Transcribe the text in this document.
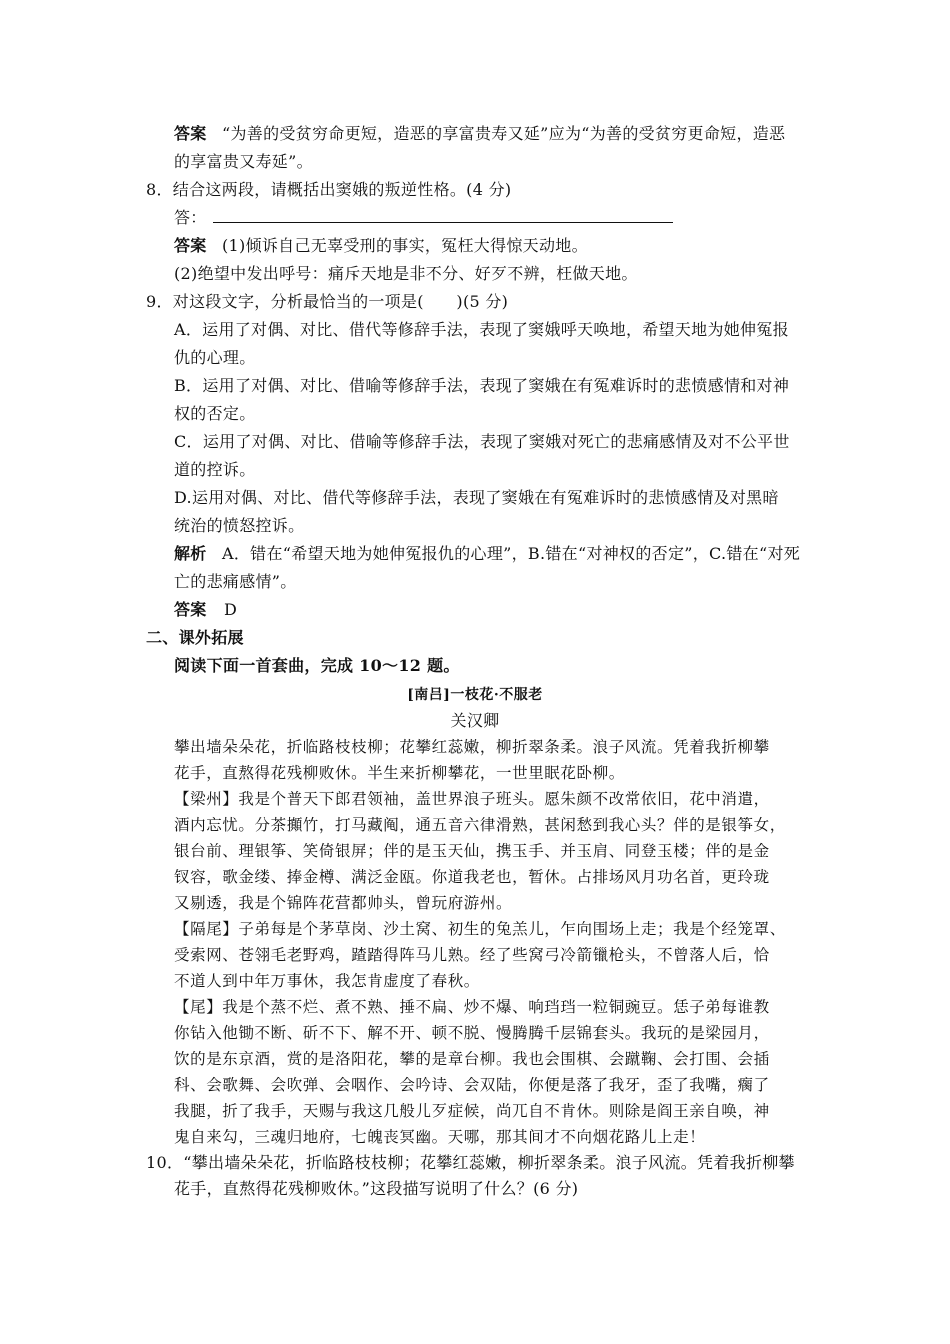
答案 “为善的受贫穷命更短，造恶的享富贵寿又延”应为“为善的受贫穷更命短，造恶
的享富贵又寿延”。
8．结合这两段，请概括出窦娥的叛逆性格。(4 分)
答：
答案 (1)倾诉自己无辜受刑的事实，冤枉大得惊天动地。
(2)绝望中发出呼号：痛斥天地是非不分、好歹不辨，枉做天地。
9．对这段文字，分析最恰当的一项是(　　)(5 分)
A．运用了对偶、对比、借代等修辞手法，表现了窦娥呼天唤地，希望天地为她伸冤报
仇的心理。
B．运用了对偶、对比、借喻等修辞手法，表现了窦娥在有冤难诉时的悲愤感情和对神
权的否定。
C．运用了对偶、对比、借喻等修辞手法，表现了窦娥对死亡的悲痛感情及对不公平世
道的控诉。
D.运用对偶、对比、借代等修辞手法，表现了窦娥在有冤难诉时的悲愤感情及对黑暗
统治的愤怒控诉。
解析 A．错在“希望天地为她伸冤报仇的心理”，B.错在“对神权的否定”，C.错在“对死
亡的悲痛感情”。
答案 D
二、课外拓展
阅读下面一首套曲，完成 10～12 题。
[南吕]一枝花·不服老
关汉卿
攀出墙朵朵花，折临路枝枝柳；花攀红蕊嫩，柳折翠条柔。浪子风流。凭着我折柳攀
花手，直熬得花残柳败休。半生来折柳攀花，一世里眠花卧柳。
【梁州】我是个普天下郎君领袖，盖世界浪子班头。愿朱颜不改常依旧，花中消遣，
酒内忘忧。分茶攧竹，打马藏阄，通五音六律滑熟，甚闲愁到我心头？伴的是银筝女，
银台前、理银筝、笑倚银屏；伴的是玉天仙，携玉手、并玉肩、同登玉楼；伴的是金
钗容，歌金缕、捧金樽、满泛金瓯。你道我老也，暂休。占排场风月功名首，更玲珑
又剔透，我是个锦阵花营都帅头，曾玩府游州。
【隔尾】子弟每是个茅草岗、沙土窝、初生的兔羔儿，乍向围场上走；我是个经笼罩、
受索网、苍翎毛老野鸡，蹅踏得阵马儿熟。经了些窝弓冷箭镴枪头，不曾落人后，恰
不道人到中年万事休，我怎肯虚度了春秋。
【尾】我是个蒸不烂、煮不熟、捶不扁、炒不爆、响珰珰一粒铜豌豆。恁子弟每谁教
你钻入他锄不断、斫不下、解不开、顿不脱、慢腾腾千层锦套头。我玩的是梁园月，
饮的是东京酒，赏的是洛阳花，攀的是章台柳。我也会围棋、会蹴鞠、会打围、会插
科、会歌舞、会吹弹、会咽作、会吟诗、会双陆，你便是落了我牙，歪了我嘴，瘸了
我腿，折了我手，天赐与我这几般儿歹症候，尚兀自不肯休。则除是阎王亲自唤，神
鬼自来勾，三魂归地府，七魄丧冥幽。天哪，那其间才不向烟花路儿上走！
10．“攀出墙朵朵花，折临路枝枝柳；花攀红蕊嫩，柳折翠条柔。浪子风流。凭着我折柳攀
花手，直熬得花残柳败休。”这段描写说明了什么？(6 分)
